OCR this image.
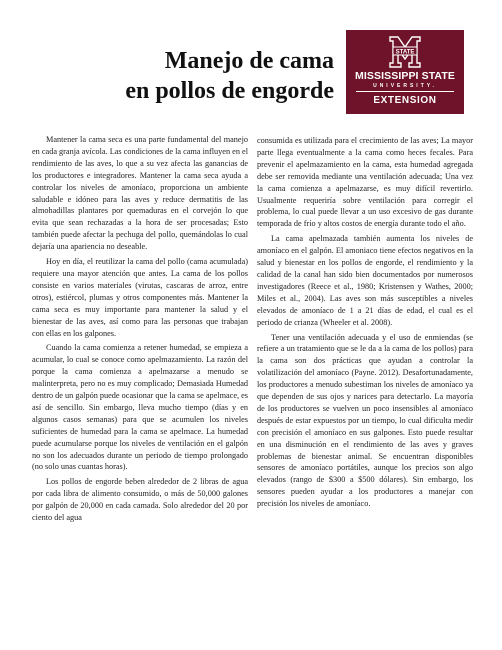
Manejo de cama
en pollos de engorde
STATE
MISSISSIPPI STATE
UNIVERSITY.
EXTENSION

Mantener la cama seca es una parte fundamental del manejo en cada granja avícola. Las condiciones de la cama influyen en el rendimiento de las aves, lo que a su vez afecta las ganancias de los productores e integradores. Mantener la cama seca ayuda a controlar los niveles de amoníaco, proporciona un ambiente saludable e idóneo para las aves y reduce dermatitis de las almohadillas plantares por quemaduras en el corvejón lo que evita que sean rechazadas a la hora de ser procesadas; Esto también puede afectar la pechuga del pollo, quemándolas lo cual dejaría una apariencia no deseable.

Hoy en día, el reutilizar la cama del pollo (cama acumulada) requiere una mayor atención que antes. La cama de los pollos consiste en varios materiales (virutas, cascaras de arroz, entre otros), estiércol, plumas y otros componentes más. Mantener la cama seca es muy importante para mantener la salud y el bienestar de las aves, así como para las personas que trabajan con ellas en los galpones.

Cuando la cama comienza a retener humedad, se empieza a acumular, lo cual se conoce como apelmazamiento. La razón del porque la cama comienza a apelmazarse a menudo se malinterpreta, pero no es muy complicado; Demasiada Humedad dentro de un galpón puede ocasionar que la cama se apelmace, es así de sencillo. Sin embargo, lleva mucho tiempo (días y en algunos casos semanas) para que se acumulen los niveles suficientes de humedad para la cama se apelmace. La humedad puede acumularse porque los niveles de ventilación en el galpón no son los adecuados durante un periodo de tiempo prolongado (no solo unas cuantas horas).

Los pollos de engorde beben alrededor de 2 libras de agua por cada libra de alimento consumido, o más de 50,000 galones por galpón de 20,000 en cada camada. Solo alrededor del 20 por ciento del agua

consumida es utilizada para el crecimiento de las aves; La mayor parte llega eventualmente a la cama como heces fecales. Para prevenir el apelmazamiento en la cama, esta humedad agregada debe ser removida mediante una ventilación adecuada; Una vez la cama comienza a apelmazarse, es muy difícil revertirlo. Usualmente requeriría sobre ventilación para corregir el problema, lo cual puede llevar a un uso excesivo de gas durante temporada de frío y altos costos de energía durante todo el año.

La cama apelmazada también aumenta los niveles de amoníaco en el galpón. El amoniaco tiene efectos negativos en la salud y bienestar en los pollos de engorde, el rendimiento y la calidad de la canal han sido bien documentados por numerosos investigadores (Reece et al., 1980; Kristensen y Wathes, 2000; Miles et al., 2004). Las aves son más susceptibles a niveles elevados de amoníaco de 1 a 21 días de edad, el cual es el periodo de crianza (Wheeler et al. 2008).

Tener una ventilación adecuada y el uso de enmiendas (se refiere a un tratamiento que se le da a la cama de los pollos) para la cama son dos prácticas que ayudan a controlar la volatilización del amoníaco (Payne. 2012). Desafortunadamente, los productores a menudo subestiman los niveles de amoníaco ya que dependen de sus ojos y narices para detectarlo. La mayoría de los productores se vuelven un poco insensibles al amoníaco después de estar expuestos por un tiempo, lo cual dificulta medir con precisión el amoníaco en sus galpones. Esto puede resultar en una disminución en el rendimiento de las aves y graves problemas de bienestar animal. Se encuentran disponibles sensores de amoníaco portátiles, aunque los precios son algo elevados (rango de $300 a $500 dólares). Sin embargo, los sensores pueden ayudar a los productores a manejar con precisión los niveles de amoníaco.
